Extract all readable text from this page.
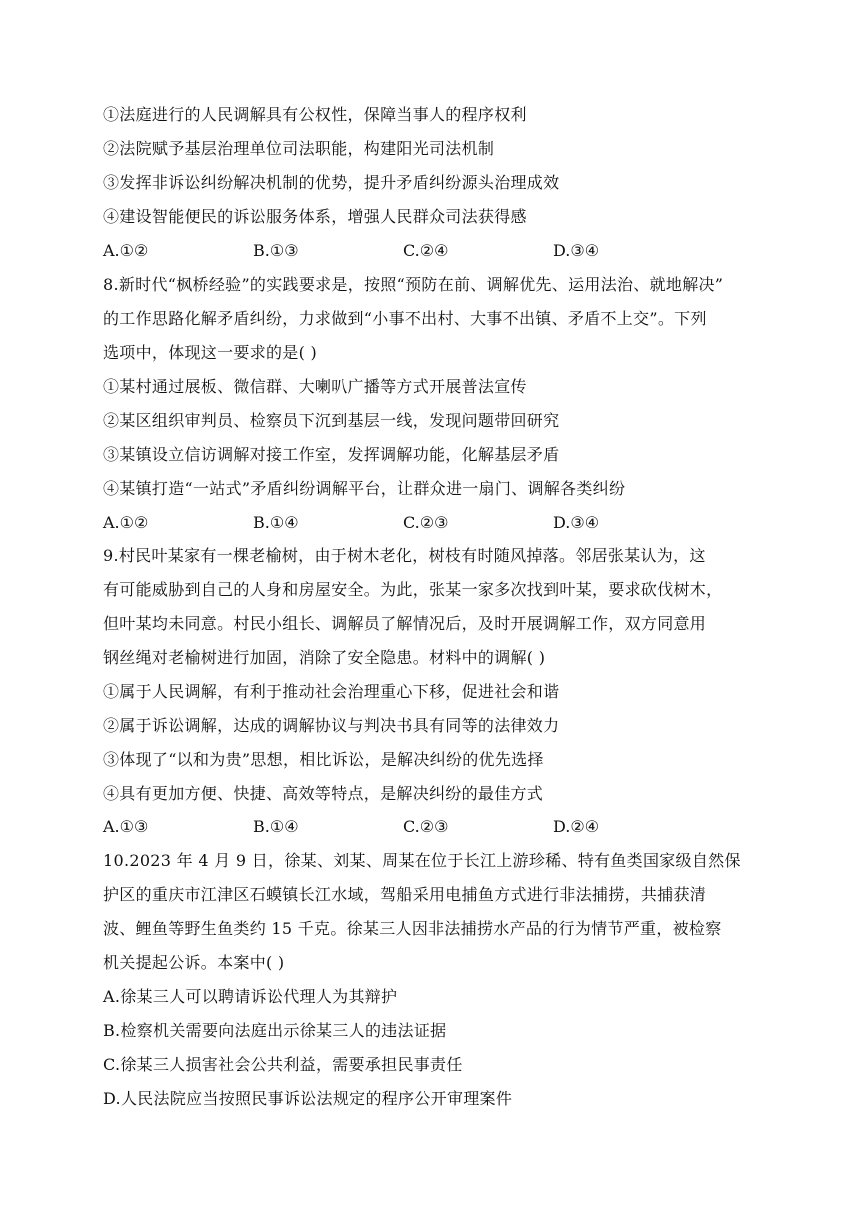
①法庭进行的人民调解具有公权性，保障当事人的程序权利
②法院赋予基层治理单位司法职能，构建阳光司法机制
③发挥非诉讼纠纷解决机制的优势，提升矛盾纠纷源头治理成效
④建设智能便民的诉讼服务体系，增强人民群众司法获得感
A.①②	B.①③	C.②④	D.③④
8.新时代“枫桥经验”的实践要求是，按照“预防在前、调解优先、运用法治、就地解决”
的工作思路化解矛盾纠纷，力求做到“小事不出村、大事不出镇、矛盾不上交”。下列
选项中，体现这一要求的是( )
①某村通过展板、微信群、大喇叭广播等方式开展普法宣传
②某区组织审判员、检察员下沉到基层一线，发现问题带回研究
③某镇设立信访调解对接工作室，发挥调解功能，化解基层矛盾
④某镇打造“一站式”矛盾纠纷调解平台，让群众进一扇门、调解各类纠纷
A.①②	B.①④	C.②③	D.③④
9.村民叶某家有一棵老榆树，由于树木老化，树枝有时随风掉落。邻居张某认为，这
有可能威胁到自己的人身和房屋安全。为此，张某一家多次找到叶某，要求砍伐树木，
但叶某均未同意。村民小组长、调解员了解情况后，及时开展调解工作，双方同意用
钢丝绳对老榆树进行加固，消除了安全隐患。材料中的调解( )
①属于人民调解，有利于推动社会治理重心下移，促进社会和谐
②属于诉讼调解，达成的调解协议与判决书具有同等的法律效力
③体现了“以和为贵”思想，相比诉讼，是解决纠纷的优先选择
④具有更加方便、快捷、高效等特点，是解决纠纷的最佳方式
A.①③	B.①④	C.②③	D.②④
10.2023 年 4 月 9 日，徐某、刘某、周某在位于长江上游珍稀、特有鱼类国家级自然保
护区的重庆市江津区石蟆镇长江水域，驾船采用电捕鱼方式进行非法捕捞，共捕获清
波、鲤鱼等野生鱼类约 15 千克。徐某三人因非法捕捞水产品的行为情节严重，被检察
机关提起公诉。本案中( )
A.徐某三人可以聘请诉讼代理人为其辩护
B.检察机关需要向法庭出示徐某三人的违法证据
C.徐某三人损害社会公共利益，需要承担民事责任
D.人民法院应当按照民事诉讼法规定的程序公开审理案件
